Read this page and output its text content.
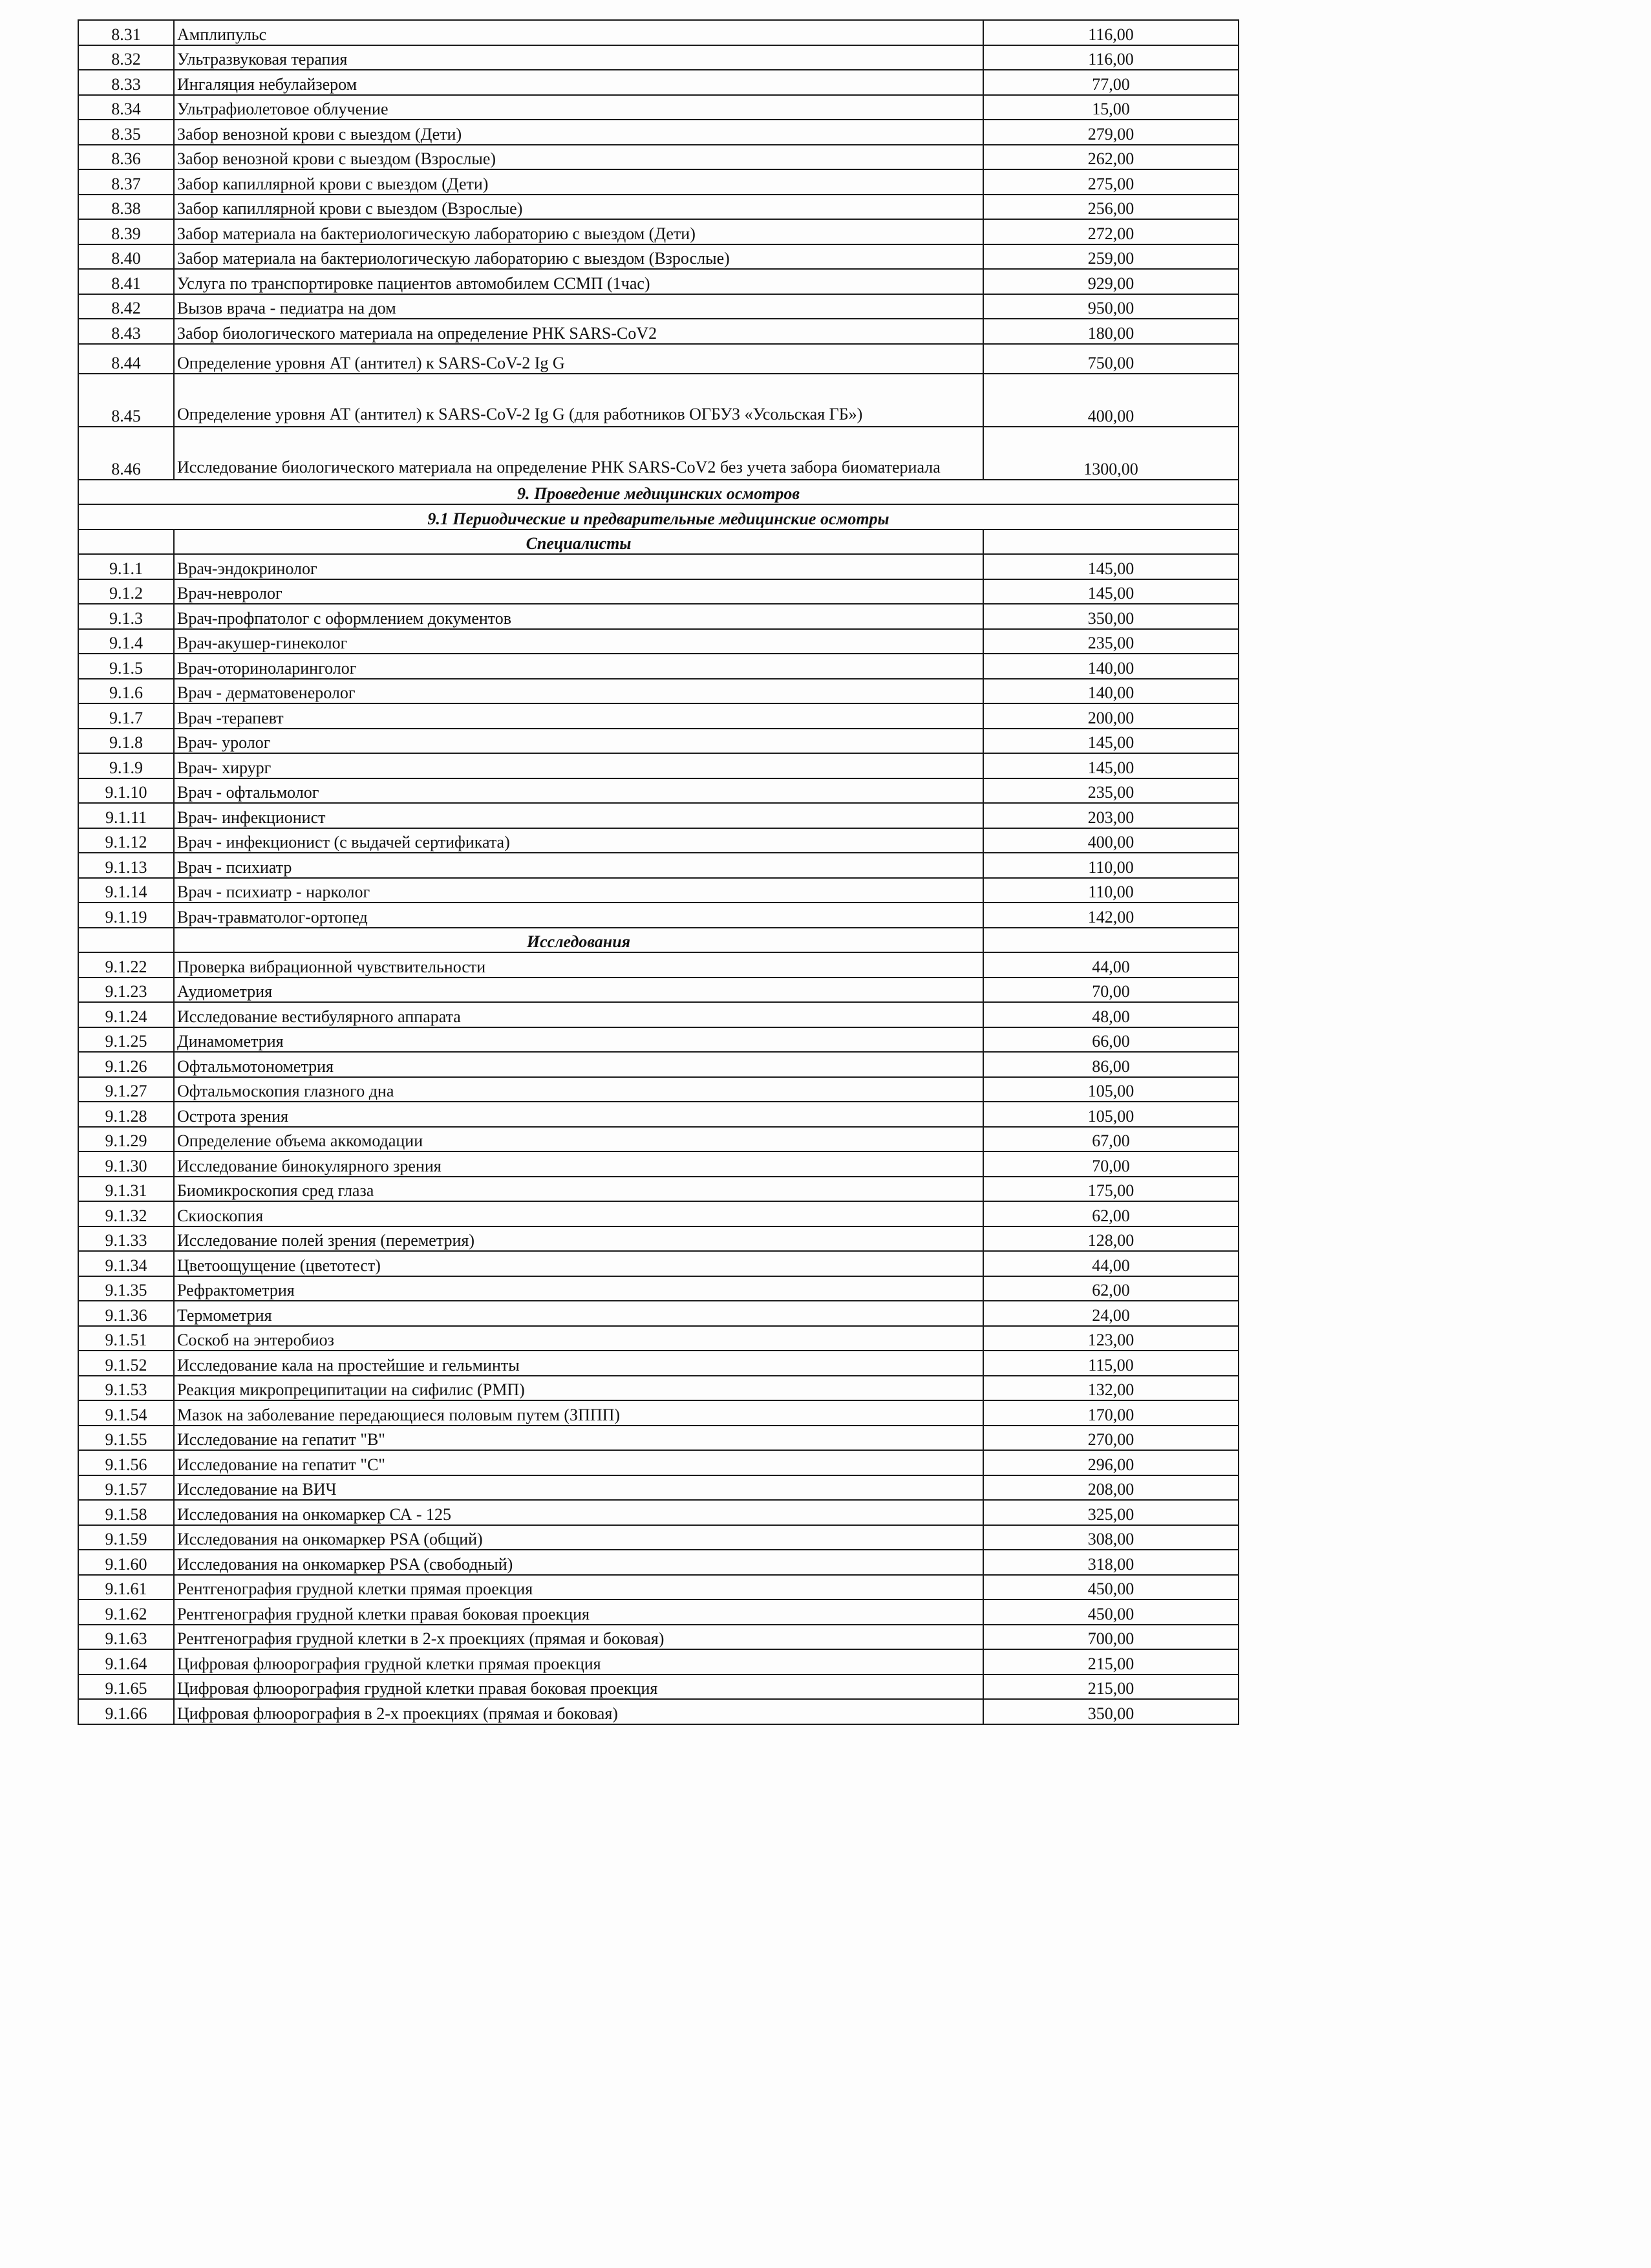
8.31	Амплипульс	116,00
8.32	Ультразвуковая терапия	116,00
8.33	Ингаляция небулайзером	77,00
8.34	Ультрафиолетовое облучение	15,00
8.35	Забор венозной крови с выездом (Дети)	279,00
8.36	Забор венозной крови с выездом (Взрослые)	262,00
8.37	Забор капиллярной крови с выездом (Дети)	275,00
8.38	Забор капиллярной крови с выездом (Взрослые)	256,00
8.39	Забор материала на бактериологическую лабораторию с выездом (Дети)	272,00
8.40	Забор материала на бактериологическую лабораторию с выездом (Взрослые)	259,00
8.41	Услуга по транспортировке пациентов автомобилем ССМП (1час)	929,00
8.42	Вызов врача - педиатра на дом	950,00
8.43	Забор биологического материала на определение РНК SARS-CoV2	180,00
8.44	Определение уровня АТ (антител) к SARS-CoV-2 Ig G	750,00
8.45	Определение уровня АТ (антител) к SARS-CoV-2 Ig G (для работников ОГБУЗ «Усольская ГБ»)	400,00
8.46	Исследование биологического материала на определение РНК SARS-CoV2 без учета забора биоматериала	1300,00
9. Проведение медицинских осмотров		
9.1 Периодические и предварительные медицинские осмотры		
	Специалисты	
9.1.1	Врач-эндокринолог	145,00
9.1.2	Врач-невролог	145,00
9.1.3	Врач-профпатолог с оформлением документов	350,00
9.1.4	Врач-акушер-гинеколог	235,00
9.1.5	Врач-оториноларинголог	140,00
9.1.6	Врач - дерматовенеролог	140,00
9.1.7	Врач -терапевт	200,00
9.1.8	Врач- уролог	145,00
9.1.9	Врач- хирург	145,00
9.1.10	Врач - офтальмолог	235,00
9.1.11	Врач- инфекционист	203,00
9.1.12	Врач - инфекционист (с выдачей сертификата)	400,00
9.1.13	Врач - психиатр	110,00
9.1.14	Врач - психиатр - нарколог	110,00
9.1.19	Врач-травматолог-ортопед	142,00
	Исследования	
9.1.22	Проверка вибрационной чувствительности	44,00
9.1.23	Аудиометрия	70,00
9.1.24	Исследование вестибулярного аппарата	48,00
9.1.25	Динамометрия	66,00
9.1.26	Офтальмотонометрия	86,00
9.1.27	Офтальмоскопия глазного дна	105,00
9.1.28	Острота зрения	105,00
9.1.29	Определение объема аккомодации	67,00
9.1.30	Исследование бинокулярного зрения	70,00
9.1.31	Биомикроскопия сред глаза	175,00
9.1.32	Скиоскопия	62,00
9.1.33	Исследование полей зрения (переметрия)	128,00
9.1.34	Цветоощущение (цветотест)	44,00
9.1.35	Рефрактометрия	62,00
9.1.36	Термометрия	24,00
9.1.51	Соскоб на энтеробиоз	123,00
9.1.52	Исследование кала на простейшие и гельминты	115,00
9.1.53	Реакция микропреципитации на сифилис (РМП)	132,00
9.1.54	Мазок на заболевание передающиеся половым путем (ЗППП)	170,00
9.1.55	Исследование на гепатит "В"	270,00
9.1.56	Исследование на гепатит "С"	296,00
9.1.57	Исследование на ВИЧ	208,00
9.1.58	Исследования на онкомаркер СА - 125	325,00
9.1.59	Исследования на онкомаркер PSA (общий)	308,00
9.1.60	Исследования на онкомаркер PSA (свободный)	318,00
9.1.61	Рентгенография грудной клетки прямая проекция	450,00
9.1.62	Рентгенография грудной клетки правая боковая проекция	450,00
9.1.63	Рентгенография грудной клетки в 2-х проекциях (прямая и боковая)	700,00
9.1.64	Цифровая флюорография грудной клетки прямая проекция	215,00
9.1.65	Цифровая флюорография грудной клетки правая боковая проекция	215,00
9.1.66	Цифровая флюорография в 2-х проекциях (прямая и боковая)	350,00
